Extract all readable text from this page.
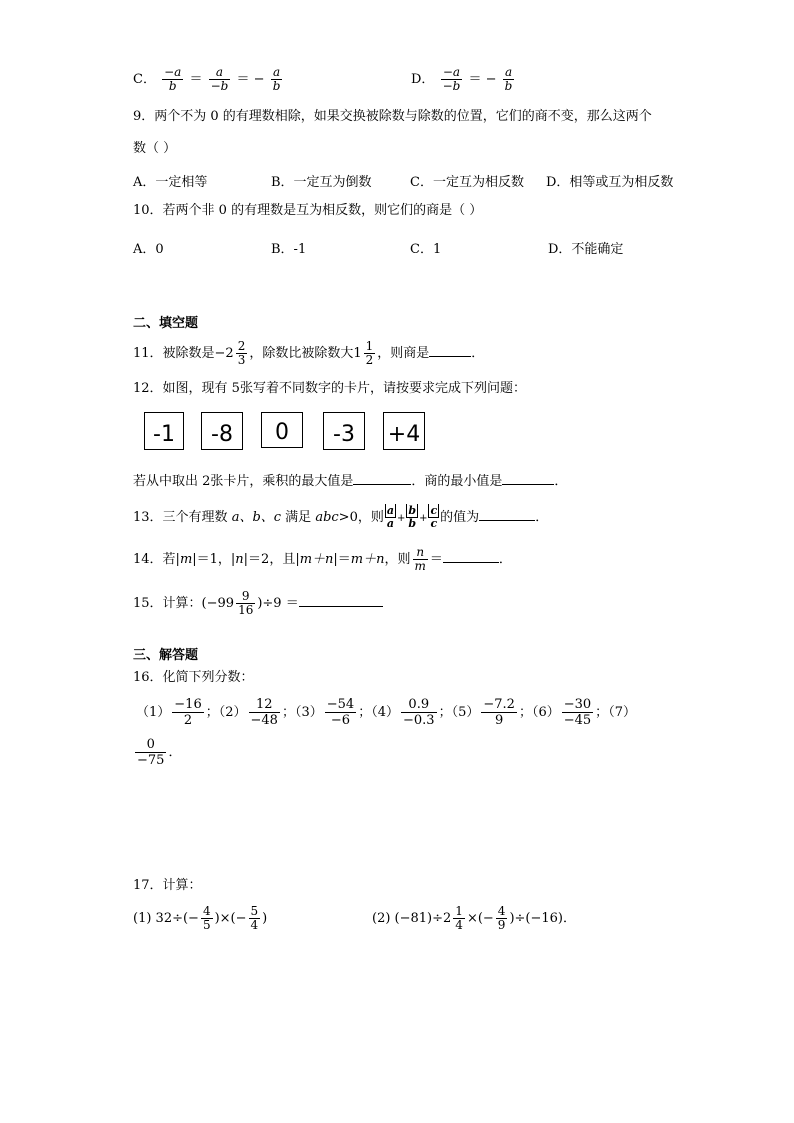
C． $\frac{-a}{b} = \frac{a}{-b}$ ＝ − $\frac{a}{b}$	D． $\frac{-a}{-b}$ ＝ − $\frac{a}{b}$
9．两个不为 0 的有理数相除，如果交换被除数与除数的位置，它们的商不变，那么这两个
数（ ）
A．一定相等	B．一定互为倒数	C．一定互为相反数 D．相等或互为相反数
10．若两个非 0 的有理数是互为相反数，则它们的商是（ ）
A．0	B．-1	C．1	D．不能确定
二、填空题
11．被除数是$-2 \frac{2}{3}$ ，除数比被除数大$1 \frac{1}{2}$ ，则商是	．
12．如图，现有 5张写着不同数字的卡片，请按要求完成下列问题：
-1	-8	0	-3	+4
若从中取出 2张卡片，乘积的最大值是	．商的最小值是	．
13．三个有理数 a、b、c 满足 abc>0，则 $\frac{a}{a} + \frac{b}{b} + \frac{c}{c}$ 的值为	．
14．若|m|＝1，|n|＝2，且|m＋n|＝m＋n，则 $\frac{n}{m}$ ＝	．
15．计算：$(-99 \frac{9}{16} )\div 9$ ＝
三、解答题
16．化简下列分数：
$(1) \frac{-16}{2}$ ；$(2) \frac{12}{-48}$ ；$(3) \frac{-54}{-6}$ ；$(4) \frac{0.9}{-0.3}$ ；$(5) \frac{-7.2}{9}$ ；$(6) \frac{-30}{-45}$ ；（7）
$\frac{0}{-75}$ ．
17．计算：
(1) $32\div(- \frac{4}{5}$ )×(− $\frac{5}{4}$ )	(2) $(-81)\div 2 \frac{1}{4}$ ×(− $\frac{4}{9} )\div(-16)$．
